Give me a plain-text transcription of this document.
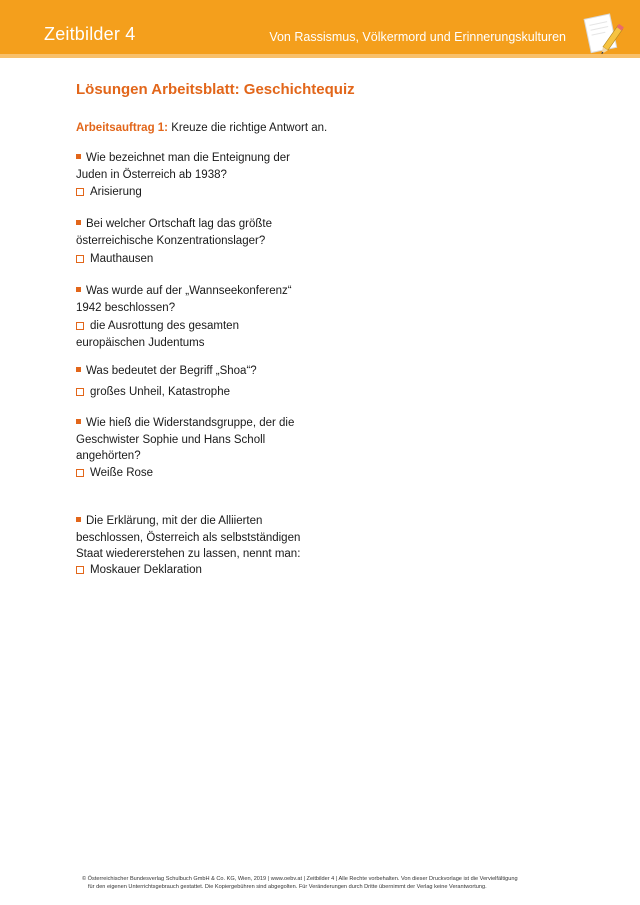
Zeitbilder 4	Von Rassismus, Völkermord und Erinnerungskulturen
Lösungen Arbeitsblatt: Geschichtequiz
Arbeitsauftrag 1: Kreuze die richtige Antwort an.
Wie bezeichnet man die Enteignung der Juden in Österreich ab 1938?
Arisierung
Bei welcher Ortschaft lag das größte österreichische Konzentrationslager?
Mauthausen
Was wurde auf der „Wannseekonferenz“ 1942 beschlossen?
die Ausrottung des gesamten europäischen Judentums
Was bedeutet der Begriff „Shoa“?
großes Unheil, Katastrophe
Wie hieß die Widerstandsgruppe, der die Geschwister Sophie und Hans Scholl angehörten?
Weiße Rose
Die Erklärung, mit der die Alliierten beschlossen, Österreich als selbstständigen Staat wiedererstehen zu lassen, nennt man:
Moskauer Deklaration
© Österreichischer Bundesverlag Schulbuch GmbH & Co. KG, Wien, 2019 | www.oebv.at | Zeitbilder 4 | Alle Rechte vorbehalten. Von dieser Druckvorlage ist die Vervielfältigung
für den eigenen Unterrichtsgebrauch gestattet. Die Kopiergebühren sind abgegolten. Für Veränderungen durch Dritte übernimmt der Verlag keine Verantwortung.
